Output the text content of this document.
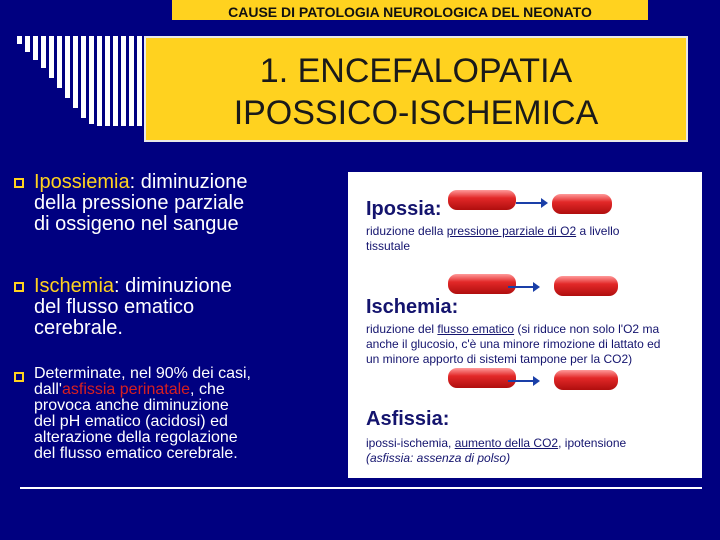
CAUSE DI PATOLOGIA NEUROLOGICA DEL NEONATO
1. ENCEFALOPATIA
IPOSSICO-ISCHEMICA
Ipossiemia: diminuzione
della pressione parziale
di ossigeno nel sangue
Ischemia: diminuzione
del flusso ematico
cerebrale.
Determinate, nel 90% dei casi,
dall'asfissia perinatale, che
provoca anche diminuzione
del pH ematico (acidosi) ed
alterazione della regolazione
del flusso ematico cerebrale.
Ipossia:
riduzione della pressione parziale di O2 a livello
tissutale
Ischemia:
riduzione del flusso ematico (si riduce non solo l'O2 ma
anche il glucosio, c'è una minore rimozione di lattato ed
un minore apporto di sistemi tampone per la CO2)
Asfissia:
ipossi-ischemia, aumento della CO2, ipotensione
(asfissia: assenza di polso)
